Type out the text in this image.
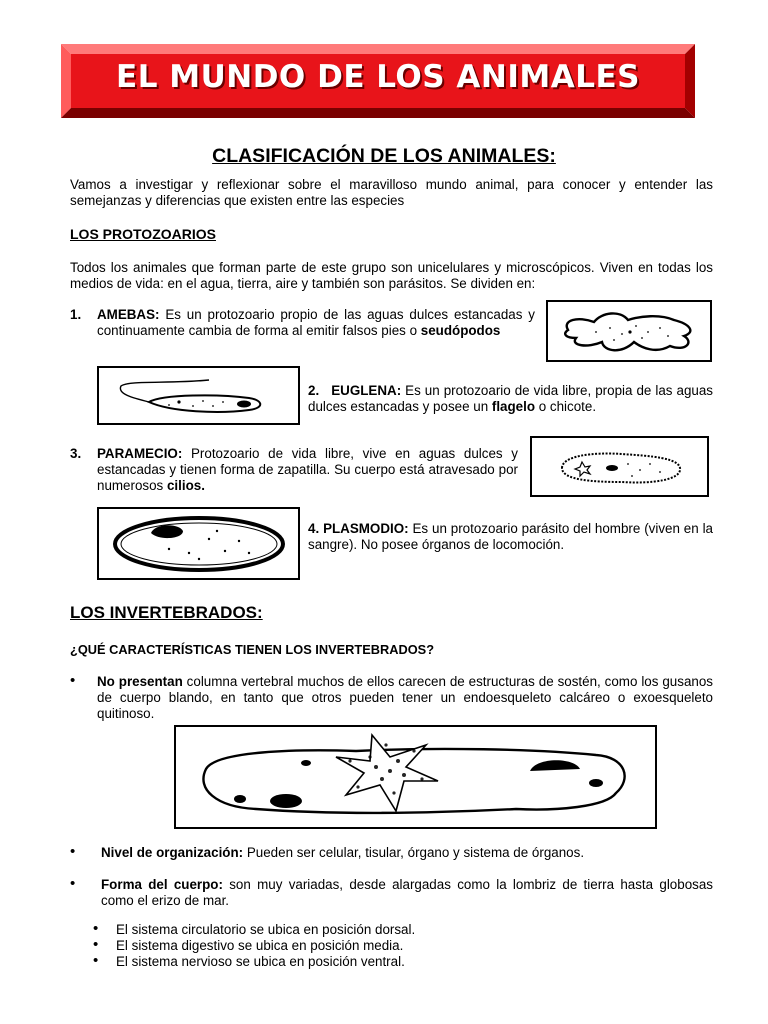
EL MUNDO DE LOS ANIMALES
CLASIFICACIÓN DE LOS ANIMALES:
Vamos a investigar y reflexionar sobre el maravilloso mundo animal, para conocer y entender las semejanzas y diferencias que existen entre las especies
LOS PROTOZOARIOS
Todos los animales que forman parte de este grupo son unicelulares y microscópicos. Viven en todas los medios de vida: en el agua, tierra, aire y también son parásitos. Se dividen en:
1. AMEBAS: Es un protozoario propio de las aguas dulces estancadas y continuamente cambia de forma al emitir falsos pies o seudópodos
2. EUGLENA: Es un protozoario de vida libre, propia de las aguas dulces estancadas y posee un flagelo o chicote.
3. PARAMECIO: Protozoario de vida libre, vive en aguas dulces y estancadas y tienen forma de zapatilla. Su cuerpo está atravesado por numerosos cilios.
4. PLASMODIO: Es un protozoario parásito del hombre (viven en la sangre). No posee órganos de locomoción.
LOS INVERTEBRADOS:
¿QUÉ CARACTERÍSTICAS TIENEN LOS INVERTEBRADOS?
• No presentan columna vertebral muchos de ellos carecen de estructuras de sostén, como los gusanos de cuerpo blando, en tanto que otros pueden tener un endoesqueleto calcáreo o exoesqueleto quitinoso.
• Nivel de organización: Pueden ser celular, tisular, órgano y sistema de órganos.
• Forma del cuerpo: son muy variadas, desde alargadas como la lombriz de tierra hasta globosas como el erizo de mar.
• El sistema circulatorio se ubica en posición dorsal.
• El sistema digestivo se ubica en posición media.
• El sistema nervioso se ubica en posición ventral.
